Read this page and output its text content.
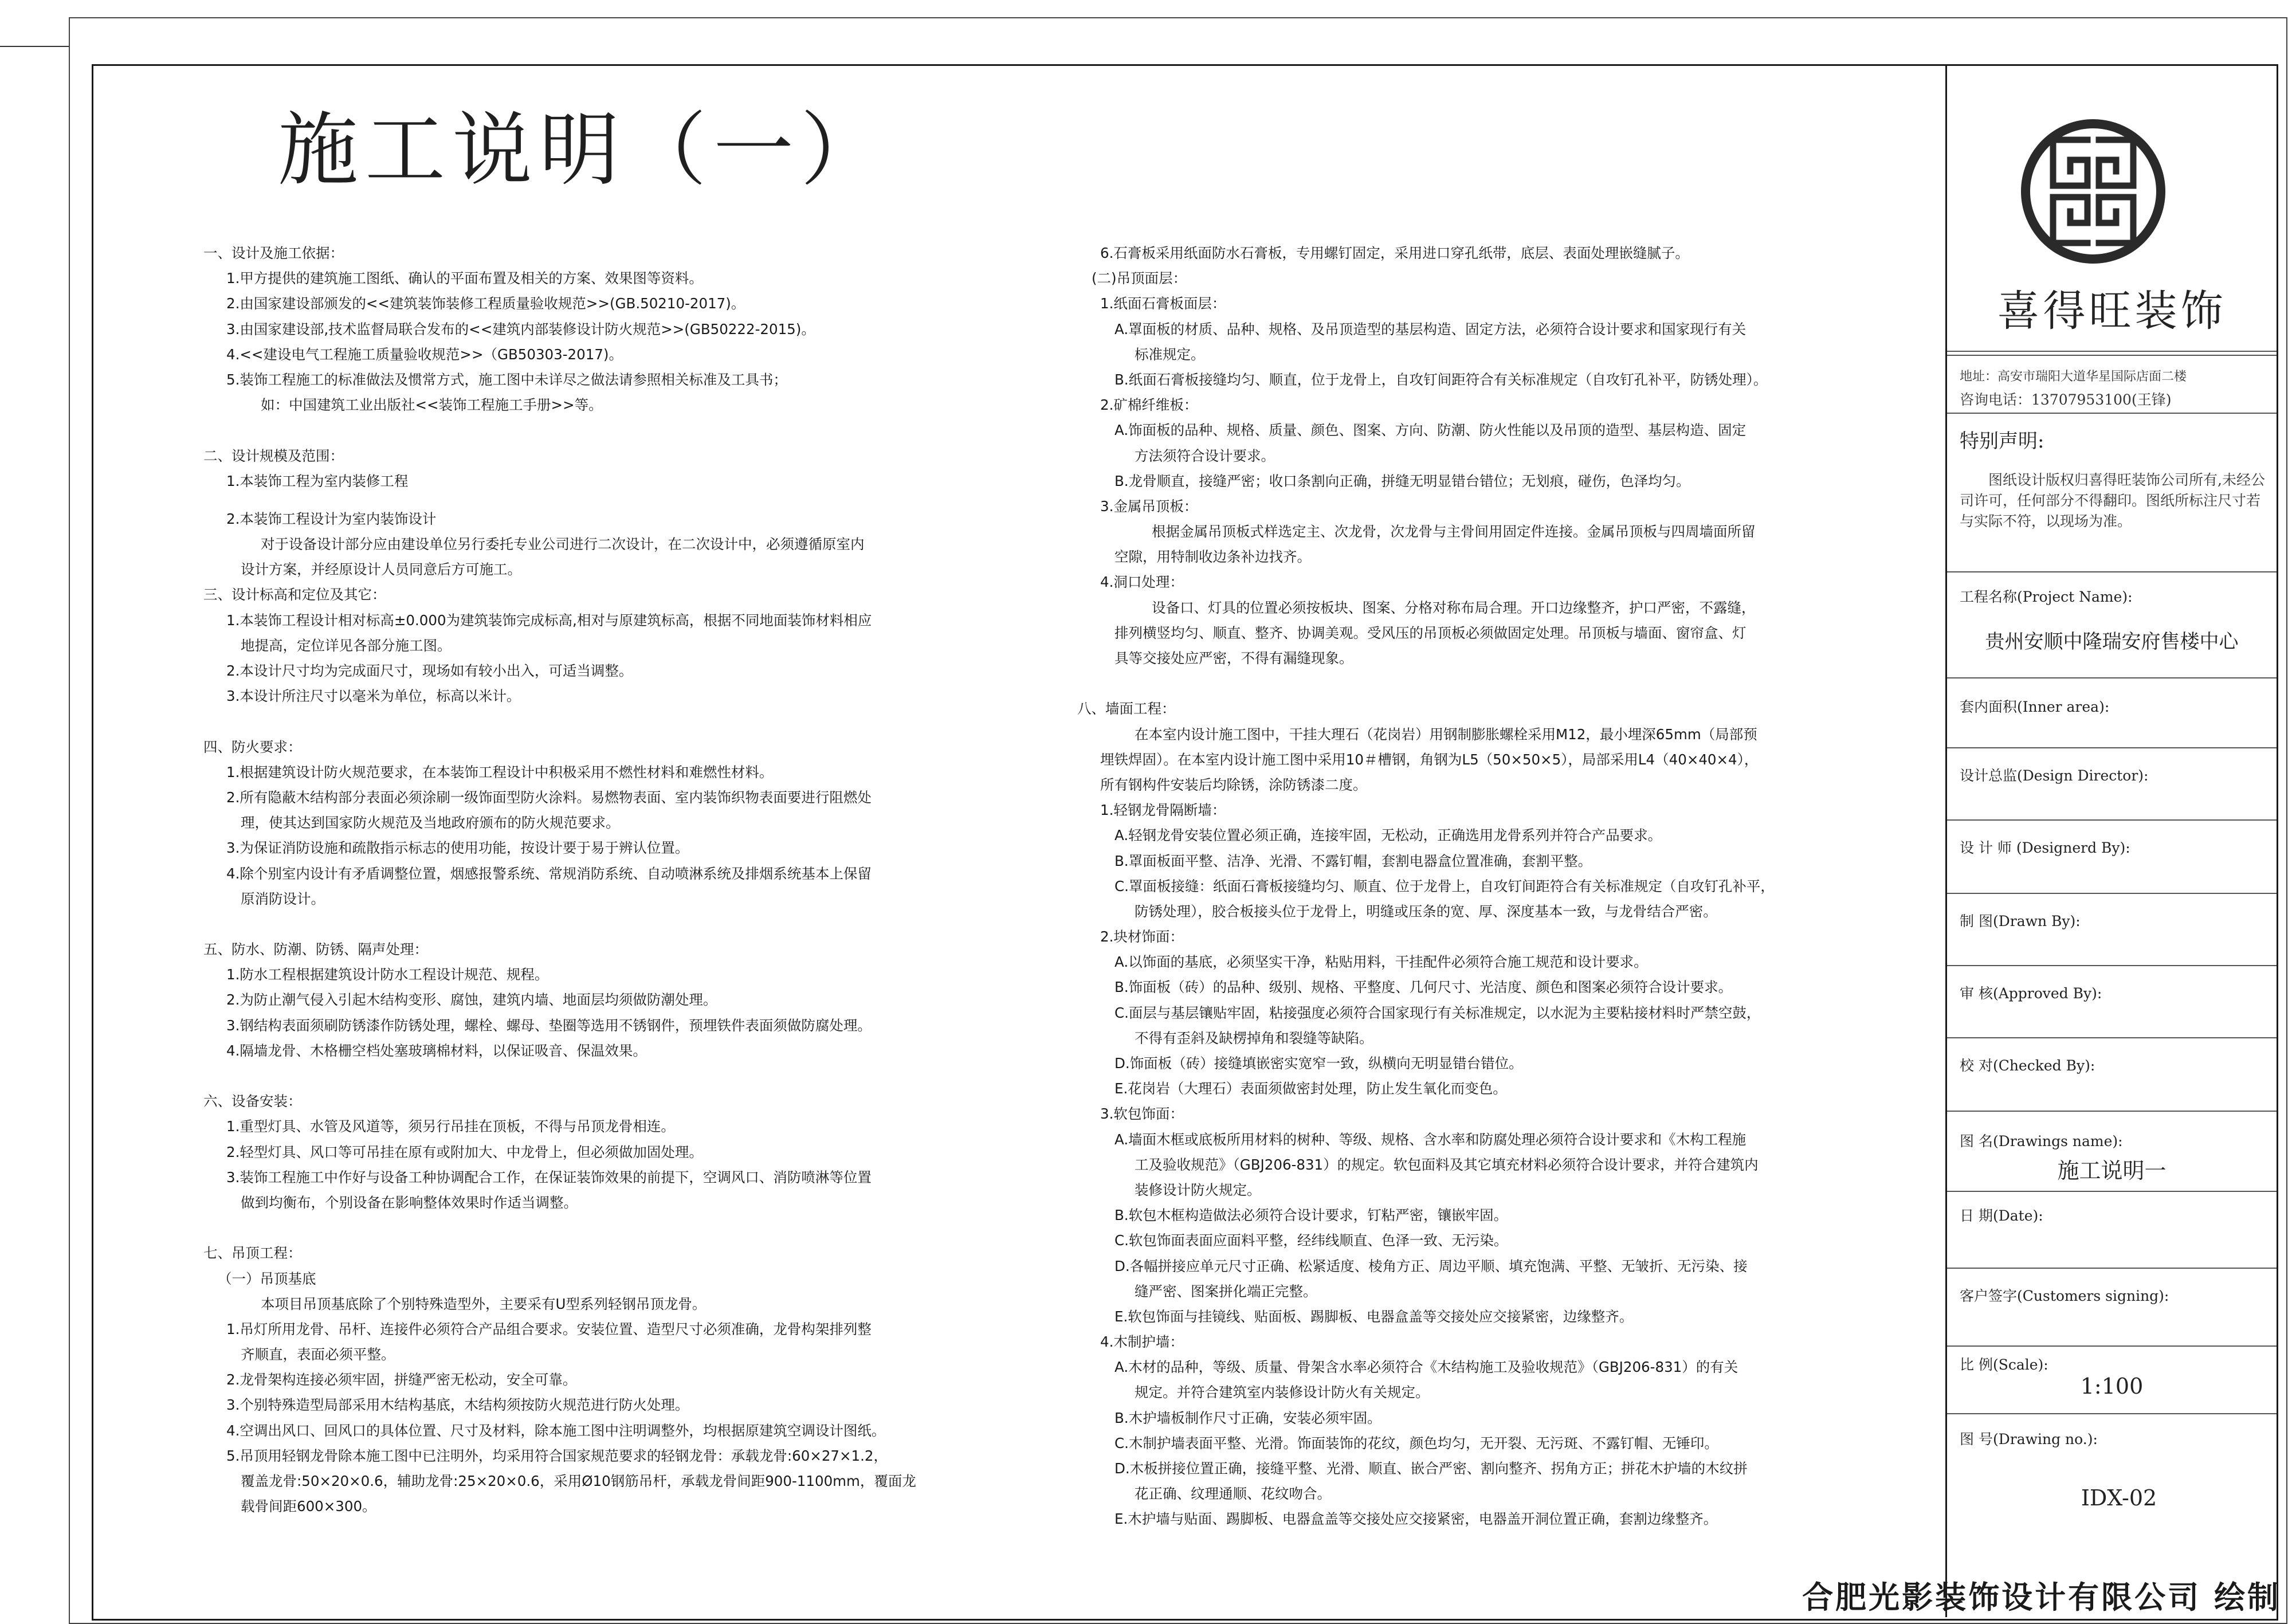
施工说明（一）
一、设计及施工依据：
1.甲方提供的建筑施工图纸、确认的平面布置及相关的方案、效果图等资料。
2.由国家建设部颁发的<<建筑装饰装修工程质量验收规范>>(GB.50210-2017)。
3.由国家建设部,技术监督局联合发布的<<建筑内部装修设计防火规范>>(GB50222-2015)。
4.<<建设电气工程施工质量验收规范>>（GB50303-2017)。
5.装饰工程施工的标准做法及惯常方式，施工图中未详尽之做法请参照相关标准及工具书；
如：中国建筑工业出版社<<装饰工程施工手册>>等。
二、设计规模及范围：
1.本装饰工程为室内装修工程
2.本装饰工程设计为室内装饰设计
对于设备设计部分应由建设单位另行委托专业公司进行二次设计，在二次设计中，必须遵循原室内
设计方案，并经原设计人员同意后方可施工。
三、设计标高和定位及其它：
1.本装饰工程设计相对标高±0.000为建筑装饰完成标高,相对与原建筑标高，根据不同地面装饰材料相应
地提高，定位详见各部分施工图。
2.本设计尺寸均为完成面尺寸，现场如有较小出入，可适当调整。
3.本设计所注尺寸以毫米为单位，标高以米计。
四、防火要求：
1.根据建筑设计防火规范要求，在本装饰工程设计中积极采用不燃性材料和难燃性材料。
2.所有隐蔽木结构部分表面必须涂刷一级饰面型防火涂料。易燃物表面、室内装饰织物表面要进行阻燃处
理，使其达到国家防火规范及当地政府颁布的防火规范要求。
3.为保证消防设施和疏散指示标志的使用功能，按设计要于易于辨认位置。
4.除个别室内设计有矛盾调整位置，烟感报警系统、常规消防系统、自动喷淋系统及排烟系统基本上保留
原消防设计。
五、防水、防潮、防锈、隔声处理：
1.防水工程根据建筑设计防水工程设计规范、规程。
2.为防止潮气侵入引起木结构变形、腐蚀，建筑内墙、地面层均须做防潮处理。
3.钢结构表面须刷防锈漆作防锈处理，螺栓、螺母、垫圈等选用不锈钢件，预埋铁件表面须做防腐处理。
4.隔墙龙骨、木格栅空档处塞玻璃棉材料，以保证吸音、保温效果。
六、设备安装：
1.重型灯具、水管及风道等，须另行吊挂在顶板，不得与吊顶龙骨相连。
2.轻型灯具、风口等可吊挂在原有或附加大、中龙骨上，但必须做加固处理。
3.装饰工程施工中作好与设备工种协调配合工作，在保证装饰效果的前提下，空调风口、消防喷淋等位置
做到均衡布，个别设备在影响整体效果时作适当调整。
七、吊顶工程：
（一）吊顶基底
本项目吊顶基底除了个别特殊造型外，主要采有U型系列轻钢吊顶龙骨。
1.吊灯所用龙骨、吊杆、连接件必须符合产品组合要求。安装位置、造型尺寸必须准确，龙骨构架排列整
齐顺直，表面必须平整。
2.龙骨架构连接必须牢固，拼缝严密无松动，安全可靠。
3.个别特殊造型局部采用木结构基底，木结构须按防火规范进行防火处理。
4.空调出风口、回风口的具体位置、尺寸及材料，除本施工图中注明调整外，均根据原建筑空调设计图纸。
5.吊顶用轻钢龙骨除本施工图中已注明外，均采用符合国家规范要求的轻钢龙骨：承载龙骨:60×27×1.2，
覆盖龙骨:50×20×0.6，辅助龙骨:25×20×0.6，采用Ø10钢筋吊杆，承载龙骨间距900-1100mm，覆面龙
载骨间距600×300。
6.石膏板采用纸面防水石膏板，专用螺钉固定，采用进口穿孔纸带，底层、表面处理嵌缝腻子。
(二)吊顶面层：
1.纸面石膏板面层：
A.罩面板的材质、品种、规格、及吊顶造型的基层构造、固定方法，必须符合设计要求和国家现行有关
标准规定。
B.纸面石膏板接缝均匀、顺直，位于龙骨上，自攻钉间距符合有关标准规定（自攻钉孔补平，防锈处理）。
2.矿棉纤维板：
A.饰面板的品种、规格、质量、颜色、图案、方向、防潮、防火性能以及吊顶的造型、基层构造、固定
方法须符合设计要求。
B.龙骨顺直，接缝严密；收口条割向正确，拼缝无明显错台错位；无划痕，碰伤，色泽均匀。
3.金属吊顶板：
根据金属吊顶板式样选定主、次龙骨，次龙骨与主骨间用固定件连接。金属吊顶板与四周墙面所留
空隙，用特制收边条补边找齐。
4.洞口处理：
设备口、灯具的位置必须按板块、图案、分格对称布局合理。开口边缘整齐，护口严密，不露缝，
排列横竖均匀、顺直、整齐、协调美观。受风压的吊顶板必须做固定处理。吊顶板与墙面、窗帘盒、灯
具等交接处应严密，不得有漏缝现象。
八、墙面工程：
在本室内设计施工图中，干挂大理石（花岗岩）用钢制膨胀螺栓采用M12，最小埋深65mm（局部预
埋铁焊固）。在本室内设计施工图中采用10＃槽钢，角钢为L5（50×50×5），局部采用L4（40×40×4），
所有钢构件安装后均除锈，涂防锈漆二度。
1.轻钢龙骨隔断墙：
A.轻钢龙骨安装位置必须正确，连接牢固，无松动，正确选用龙骨系列并符合产品要求。
B.罩面板面平整、洁净、光滑、不露钉帽，套割电器盒位置准确，套割平整。
C.罩面板接缝：纸面石膏板接缝均匀、顺直、位于龙骨上，自攻钉间距符合有关标准规定（自攻钉孔补平，
防锈处理），胶合板接头位于龙骨上，明缝或压条的宽、厚、深度基本一致，与龙骨结合严密。
2.块材饰面：
A.以饰面的基底，必须坚实干净，粘贴用料，干挂配件必须符合施工规范和设计要求。
B.饰面板（砖）的品种、级别、规格、平整度、几何尺寸、光洁度、颜色和图案必须符合设计要求。
C.面层与基层镶贴牢固，粘接强度必须符合国家现行有关标准规定，以水泥为主要粘接材料时严禁空鼓，
不得有歪斜及缺楞掉角和裂缝等缺陷。
D.饰面板（砖）接缝填嵌密实宽窄一致，纵横向无明显错台错位。
E.花岗岩（大理石）表面须做密封处理，防止发生氧化而变色。
3.软包饰面：
A.墙面木框或底板所用材料的树种、等级、规格、含水率和防腐处理必须符合设计要求和《木构工程施
工及验收规范》（GBJ206-831）的规定。软包面料及其它填充材料必须符合设计要求，并符合建筑内
装修设计防火规定。
B.软包木框构造做法必须符合设计要求，钉粘严密，镶嵌牢固。
C.软包饰面表面应面料平整，经纬线顺直、色泽一致、无污染。
D.各幅拼接应单元尺寸正确、松紧适度、棱角方正、周边平顺、填充饱满、平整、无皱折、无污染、接
缝严密、图案拼化端正完整。
E.软包饰面与挂镜线、贴面板、踢脚板、电器盒盖等交接处应交接紧密，边缘整齐。
4.木制护墙：
A.木材的品种，等级、质量、骨架含水率必须符合《木结构施工及验收规范》（GBJ206-831）的有关
规定。并符合建筑室内装修设计防火有关规定。
B.木护墙板制作尺寸正确，安装必须牢固。
C.木制护墙表面平整、光滑。饰面装饰的花纹，颜色均匀，无开裂、无污斑、不露钉帽、无锤印。
D.木板拼接位置正确，接缝平整、光滑、顺直、嵌合严密、割向整齐、拐角方正；拼花木护墙的木纹拼
花正确、纹理通顺、花纹吻合。
E.木护墙与贴面、踢脚板、电器盒盖等交接处应交接紧密，电器盖开洞位置正确，套割边缘整齐。
喜得旺装饰
地址：高安市瑞阳大道华星国际店面二楼
咨询电话：13707953100(王锋)
特别声明:
图纸设计版权归喜得旺装饰公司所有,未经公司许可，任何部分不得翻印。图纸所标注尺寸若与实际不符，以现场为准。
工程名称(Project Name):
贵州安顺中隆瑞安府售楼中心
套内面积(Inner area):
设计总监(Design Director):
设 计 师 (Designerd By):
制 图(Drawn By):
审 核(Approved By):
校 对(Checked By):
图 名(Drawings name):
施工说明一
日 期(Date):
客户签字(Customers signing):
比 例(Scale):
1:100
图 号(Drawing no.):
IDX-02
合肥光影装饰设计有限公司 绘制
